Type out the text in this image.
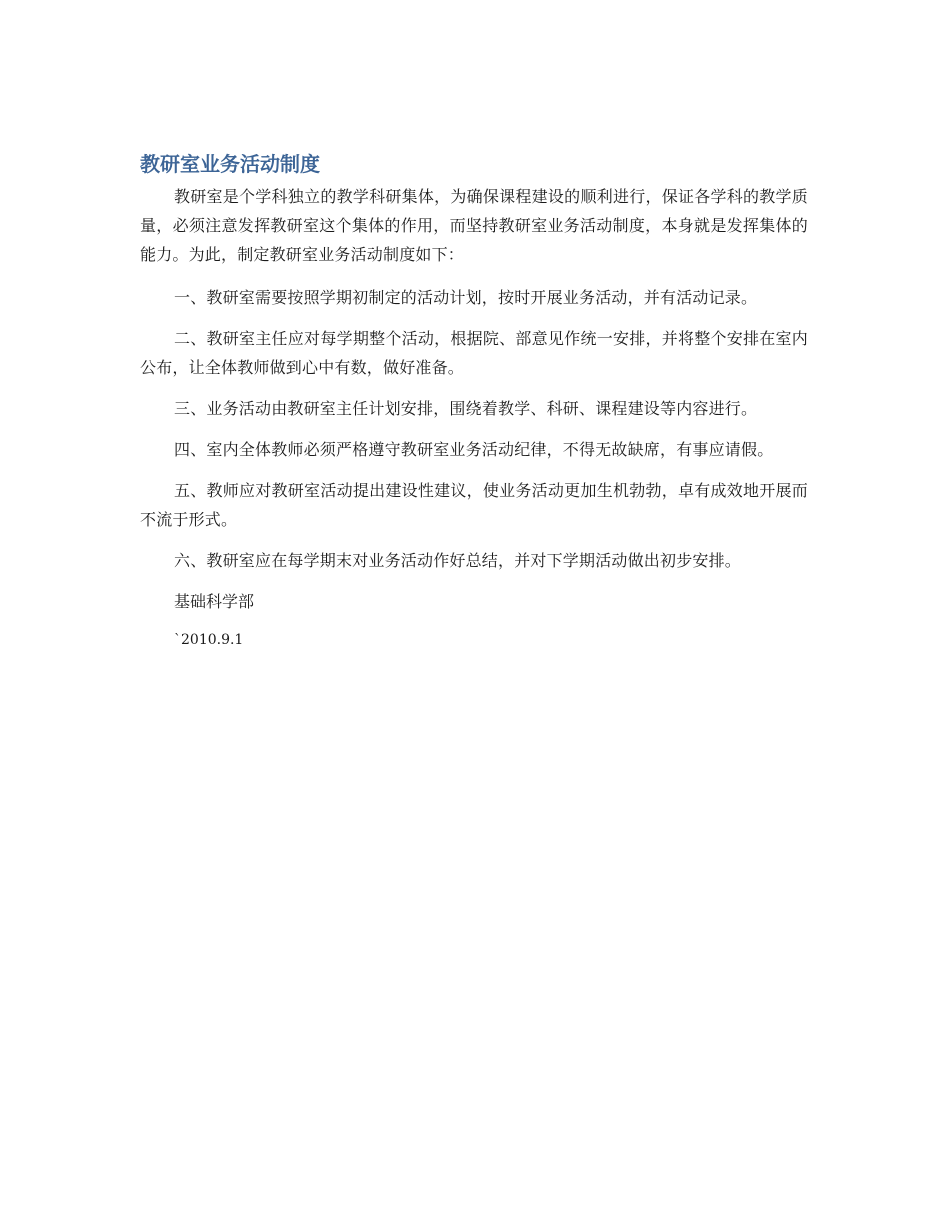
教研室业务活动制度

教研室是个学科独立的教学科研集体，为确保课程建设的顺利进行，保证各学科的教学质量，必须注意发挥教研室这个集体的作用，而坚持教研室业务活动制度，本身就是发挥集体的能力。为此，制定教研室业务活动制度如下：

一、教研室需要按照学期初制定的活动计划，按时开展业务活动，并有活动记录。

二、教研室主任应对每学期整个活动，根据院、部意见作统一安排，并将整个安排在室内公布，让全体教师做到心中有数，做好准备。

三、业务活动由教研室主任计划安排，围绕着教学、科研、课程建设等内容进行。

四、室内全体教师必须严格遵守教研室业务活动纪律，不得无故缺席，有事应请假。

五、教师应对教研室活动提出建设性建议，使业务活动更加生机勃勃，卓有成效地开展而不流于形式。

六、教研室应在每学期末对业务活动作好总结，并对下学期活动做出初步安排。

基础科学部

`2010.9.1
